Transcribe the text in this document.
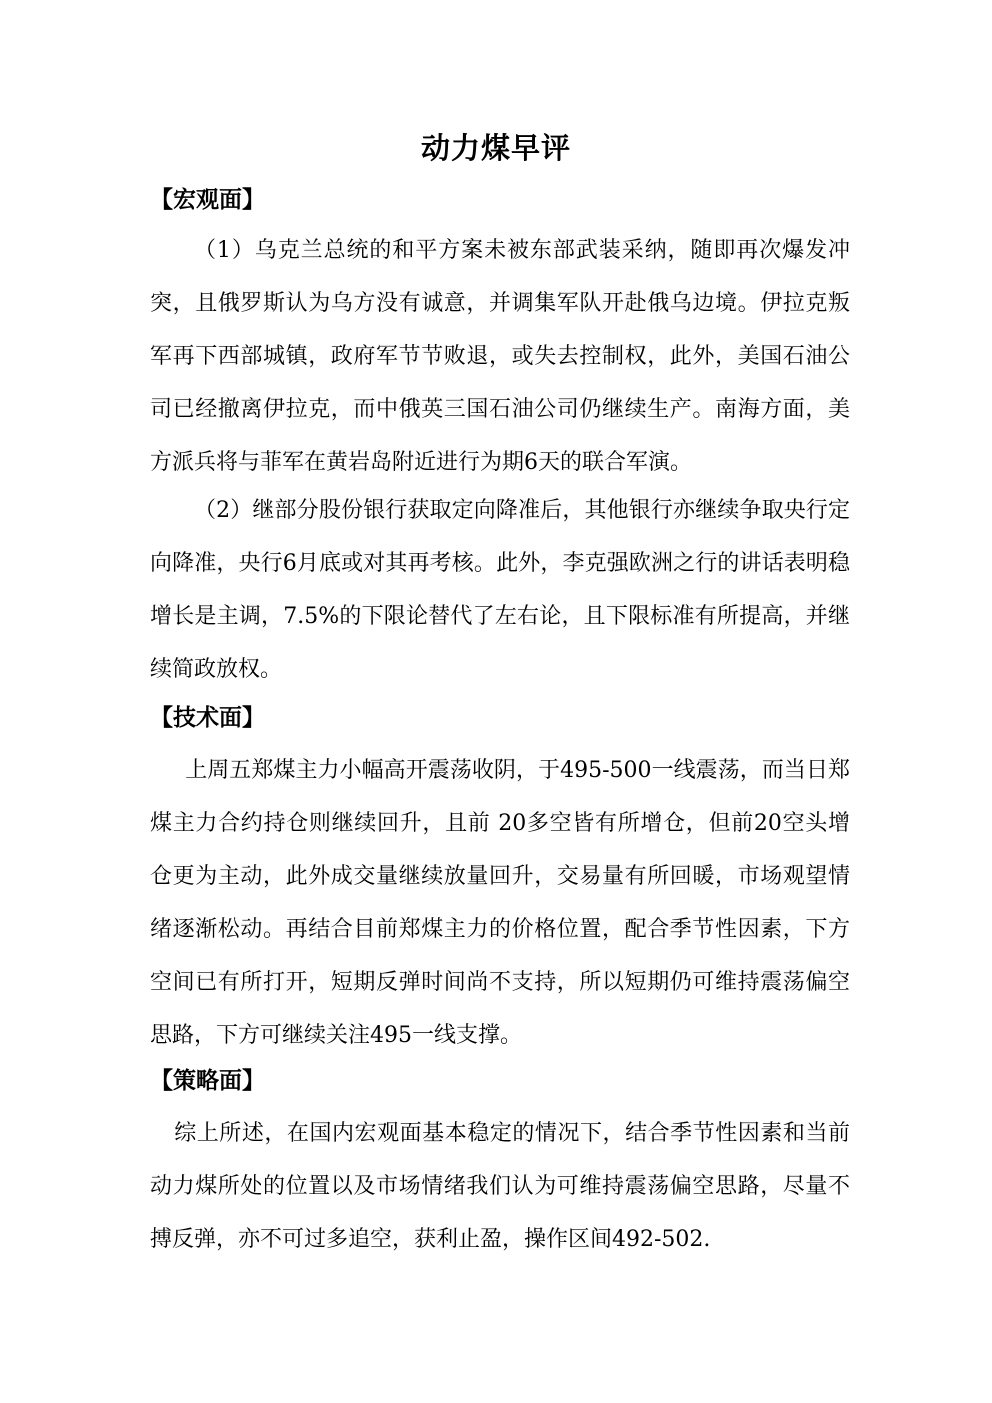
动力煤早评
【宏观面】

（1）乌克兰总统的和平方案未被东部武装采纳，随即再次爆发冲突，且俄罗斯认为乌方没有诚意，并调集军队开赴俄乌边境。伊拉克叛军再下西部城镇，政府军节节败退，或失去控制权，此外，美国石油公司已经撤离伊拉克，而中俄英三国石油公司仍继续生产。南海方面，美方派兵将与菲军在黄岩岛附近进行为期6天的联合军演。

（2）继部分股份银行获取定向降准后，其他银行亦继续争取央行定向降准，央行6月底或对其再考核。此外，李克强欧洲之行的讲话表明稳增长是主调，7.5%的下限论替代了左右论，且下限标准有所提高，并继续简政放权。

【技术面】

上周五郑煤主力小幅高开震荡收阴，于495-500一线震荡，而当日郑煤主力合约持仓则继续回升，且前 20多空皆有所增仓，但前20空头增仓更为主动，此外成交量继续放量回升，交易量有所回暖，市场观望情绪逐渐松动。再结合目前郑煤主力的价格位置，配合季节性因素，下方空间已有所打开，短期反弹时间尚不支持，所以短期仍可维持震荡偏空思路，下方可继续关注495一线支撑。

【策略面】

综上所述，在国内宏观面基本稳定的情况下，结合季节性因素和当前动力煤所处的位置以及市场情绪我们认为可维持震荡偏空思路，尽量不搏反弹，亦不可过多追空，获利止盈，操作区间492-502.
